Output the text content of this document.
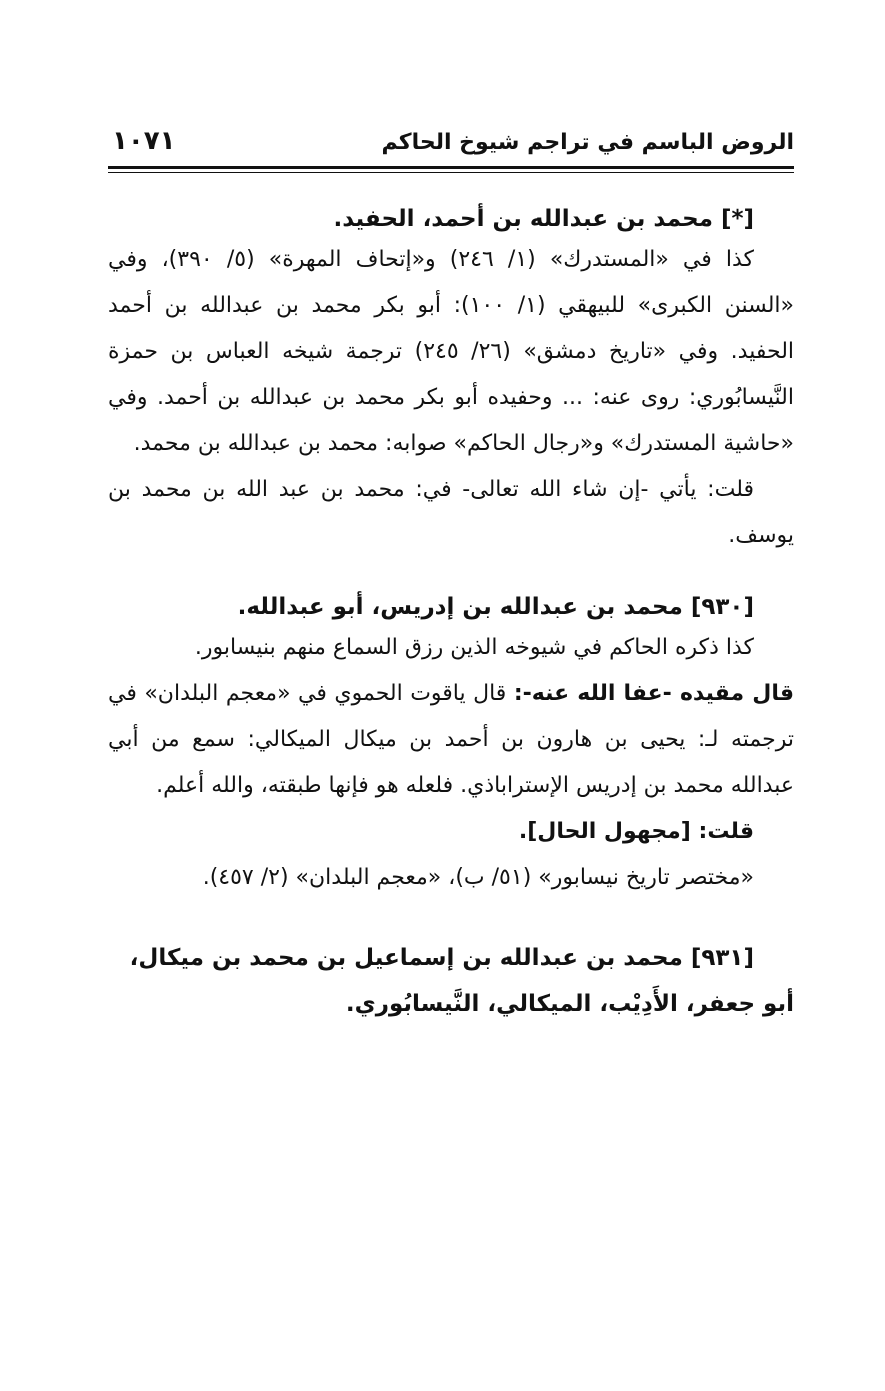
الروض الباسم في تراجم شيوخ الحاكم
١٠٧١

[*] محمد بن عبدالله بن أحمد، الحفيد.

كذا في «المستدرك» (١/ ٢٤٦) و«إتحاف المهرة» (٥/ ٣٩٠)، وفي «السنن الكبرى» للبيهقي (١/ ١٠٠): أبو بكر محمد بن عبدالله بن أحمد الحفيد. وفي «تاريخ دمشق» (٢٦/ ٢٤٥) ترجمة شيخه العباس بن حمزة النَّيسابُوري: روى عنه: ... وحفيده أبو بكر محمد بن عبدالله بن أحمد. وفي «حاشية المستدرك» و«رجال الحاكم» صوابه: محمد بن عبدالله بن محمد.

قلت: يأتي -إن شاء الله تعالى- في: محمد بن عبد الله بن محمد بن يوسف.

[٩٣٠] محمد بن عبدالله بن إدريس، أبو عبدالله.

كذا ذكره الحاكم في شيوخه الذين رزق السماع منهم بنيسابور.

قال مقيده -عفا الله عنه-: قال ياقوت الحموي في «معجم البلدان» في ترجمته لـ: يحيى بن هارون بن أحمد بن ميكال الميكالي: سمع من أبي عبدالله محمد بن إدريس الإستراباذي. فلعله هو فإنها طبقته، والله أعلم.

قلت: [مجهول الحال].

«مختصر تاريخ نيسابور» (٥١/ ب)، «معجم البلدان» (٢/ ٤٥٧).

[٩٣١] محمد بن عبدالله بن إسماعيل بن محمد بن ميكال، أبو جعفر، الأَدِيْب، الميكالي، النَّيسابُوري.
